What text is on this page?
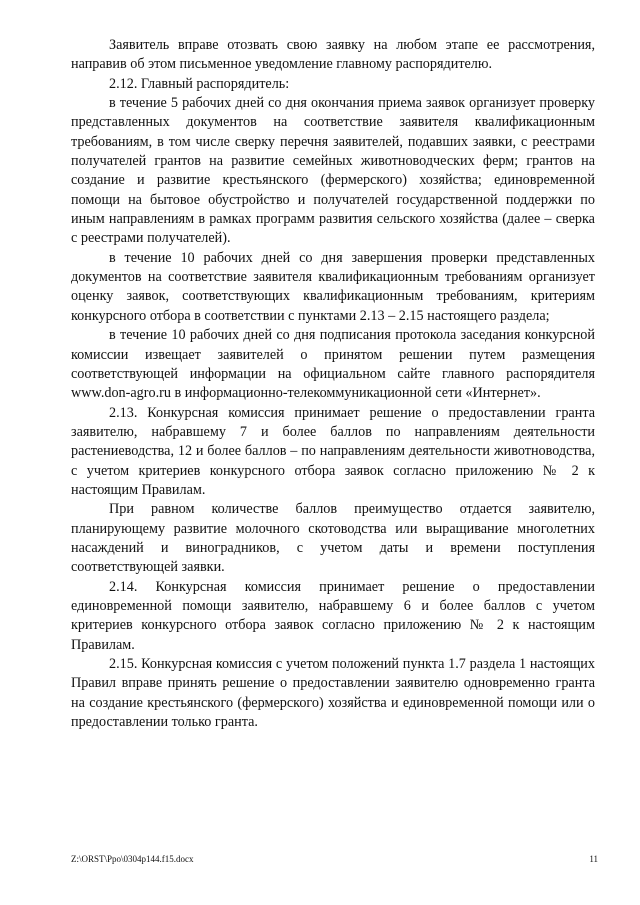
Заявитель вправе отозвать свою заявку на любом этапе ее рассмотрения, направив об этом письменное уведомление главному распорядителю.

2.12. Главный распорядитель:

в течение 5 рабочих дней со дня окончания приема заявок организует проверку представленных документов на соответствие заявителя квалификационным требованиям, в том числе сверку перечня заявителей, подавших заявки, с реестрами получателей грантов на развитие семейных животноводческих ферм; грантов на создание и развитие крестьянского (фермерского) хозяйства; единовременной помощи на бытовое обустройство и получателей государственной поддержки по иным направлениям в рамках программ развития сельского хозяйства (далее – сверка с реестрами получателей).

в течение 10 рабочих дней со дня завершения проверки представленных документов на соответствие заявителя квалификационным требованиям организует оценку заявок, соответствующих квалификационным требованиям, критериям конкурсного отбора в соответствии с пунктами 2.13 – 2.15 настоящего раздела;

в течение 10 рабочих дней со дня подписания протокола заседания конкурсной комиссии извещает заявителей о принятом решении путем размещения соответствующей информации на официальном сайте главного распорядителя www.don-agro.ru в информационно-телекоммуникационной сети «Интернет».

2.13. Конкурсная комиссия принимает решение о предоставлении гранта заявителю, набравшему 7 и более баллов по направлениям деятельности растениеводства, 12 и более баллов – по направлениям деятельности животноводства, с учетом критериев конкурсного отбора заявок согласно приложению № 2 к настоящим Правилам.

При равном количестве баллов преимущество отдается заявителю, планирующему развитие молочного скотоводства или выращивание многолетних насаждений и виноградников, с учетом даты и времени поступления соответствующей заявки.

2.14. Конкурсная комиссия принимает решение о предоставлении единовременной помощи заявителю, набравшему 6 и более баллов с учетом критериев конкурсного отбора заявок согласно приложению № 2 к настоящим Правилам.

2.15. Конкурсная комиссия с учетом положений пункта 1.7 раздела 1 настоящих Правил вправе принять решение о предоставлении заявителю одновременно гранта на создание крестьянского (фермерского) хозяйства и единовременной помощи или о предоставлении только гранта.

Z:\ORST\Ppo\0304p144.f15.docx	11
